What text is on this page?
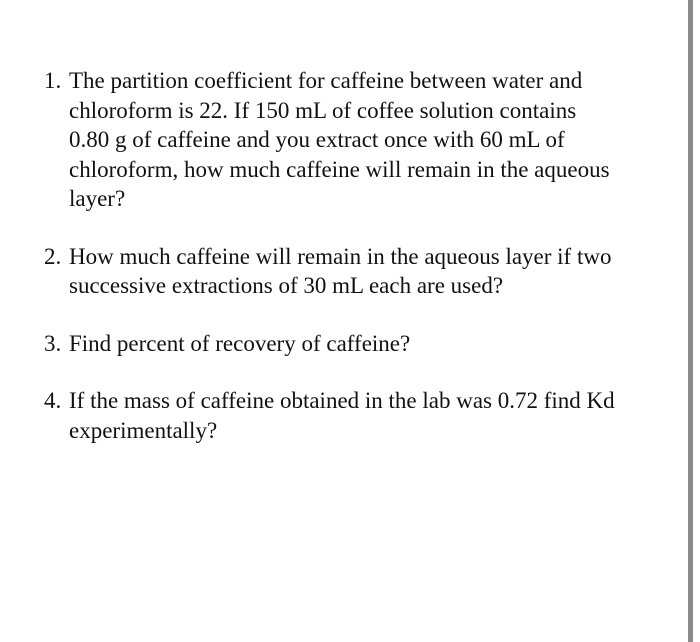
1. The partition coefficient for caffeine between water and
chloroform is 22. If 150 mL of coffee solution contains
0.80 g of caffeine and you extract once with 60 mL of
chloroform, how much caffeine will remain in the aqueous
layer?
2. How much caffeine will remain in the aqueous layer if two
successive extractions of 30 mL each are used?
3. Find percent of recovery of caffeine?
4. If the mass of caffeine obtained in the lab was 0.72 find Kd
experimentally?
